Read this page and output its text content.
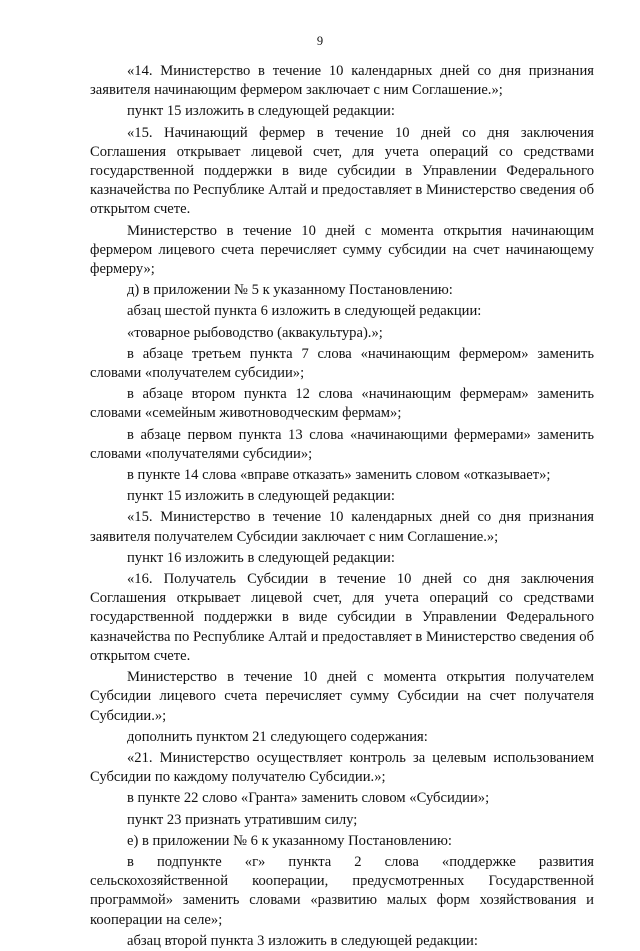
9

«14. Министерство в течение 10 календарных дней со дня признания заявителя начинающим фермером заключает с ним Соглашение.»;

пункт 15 изложить в следующей редакции:

«15. Начинающий фермер в течение 10 дней со дня заключения Соглашения открывает лицевой счет, для учета операций со средствами государственной поддержки в виде субсидии в Управлении Федерального казначейства по Республике Алтай и предоставляет в Министерство сведения об открытом счете.

Министерство в течение 10 дней с момента открытия начинающим фермером лицевого счета перечисляет сумму субсидии на счет начинающему фермеру»;

д) в приложении № 5 к указанному Постановлению:

абзац шестой пункта 6 изложить в следующей редакции:

«товарное рыбоводство (аквакультура).»;

в абзаце третьем пункта 7 слова «начинающим фермером» заменить словами «получателем субсидии»;

в абзаце втором пункта 12 слова «начинающим фермерам» заменить словами «семейным животноводческим фермам»;

в абзаце первом пункта 13 слова «начинающими фермерами» заменить словами «получателями субсидии»;

в пункте 14 слова «вправе отказать» заменить словом «отказывает»;

пункт 15 изложить в следующей редакции:

«15. Министерство в течение 10 календарных дней со дня признания заявителя получателем Субсидии заключает с ним Соглашение.»;

пункт 16 изложить в следующей редакции:

«16. Получатель Субсидии в течение 10 дней со дня заключения Соглашения открывает лицевой счет, для учета операций со средствами государственной поддержки в виде субсидии в Управлении Федерального казначейства по Республике Алтай и предоставляет в Министерство сведения об открытом счете.

Министерство в течение 10 дней с момента открытия получателем Субсидии лицевого счета перечисляет сумму Субсидии на счет получателя Субсидии.»;

дополнить пунктом 21 следующего содержания:

«21. Министерство осуществляет контроль за целевым использованием Субсидии по каждому получателю Субсидии.»;

в пункте 22 слово «Гранта» заменить словом «Субсидии»;

пункт 23 признать утратившим силу;

е) в приложении № 6 к указанному Постановлению:

в подпункте «г» пункта 2 слова «поддержке развития сельскохозяйственной кооперации, предусмотренных Государственной программой» заменить словами «развитию малых форм хозяйствования и кооперации на селе»;

абзац второй пункта 3 изложить в следующей редакции:
